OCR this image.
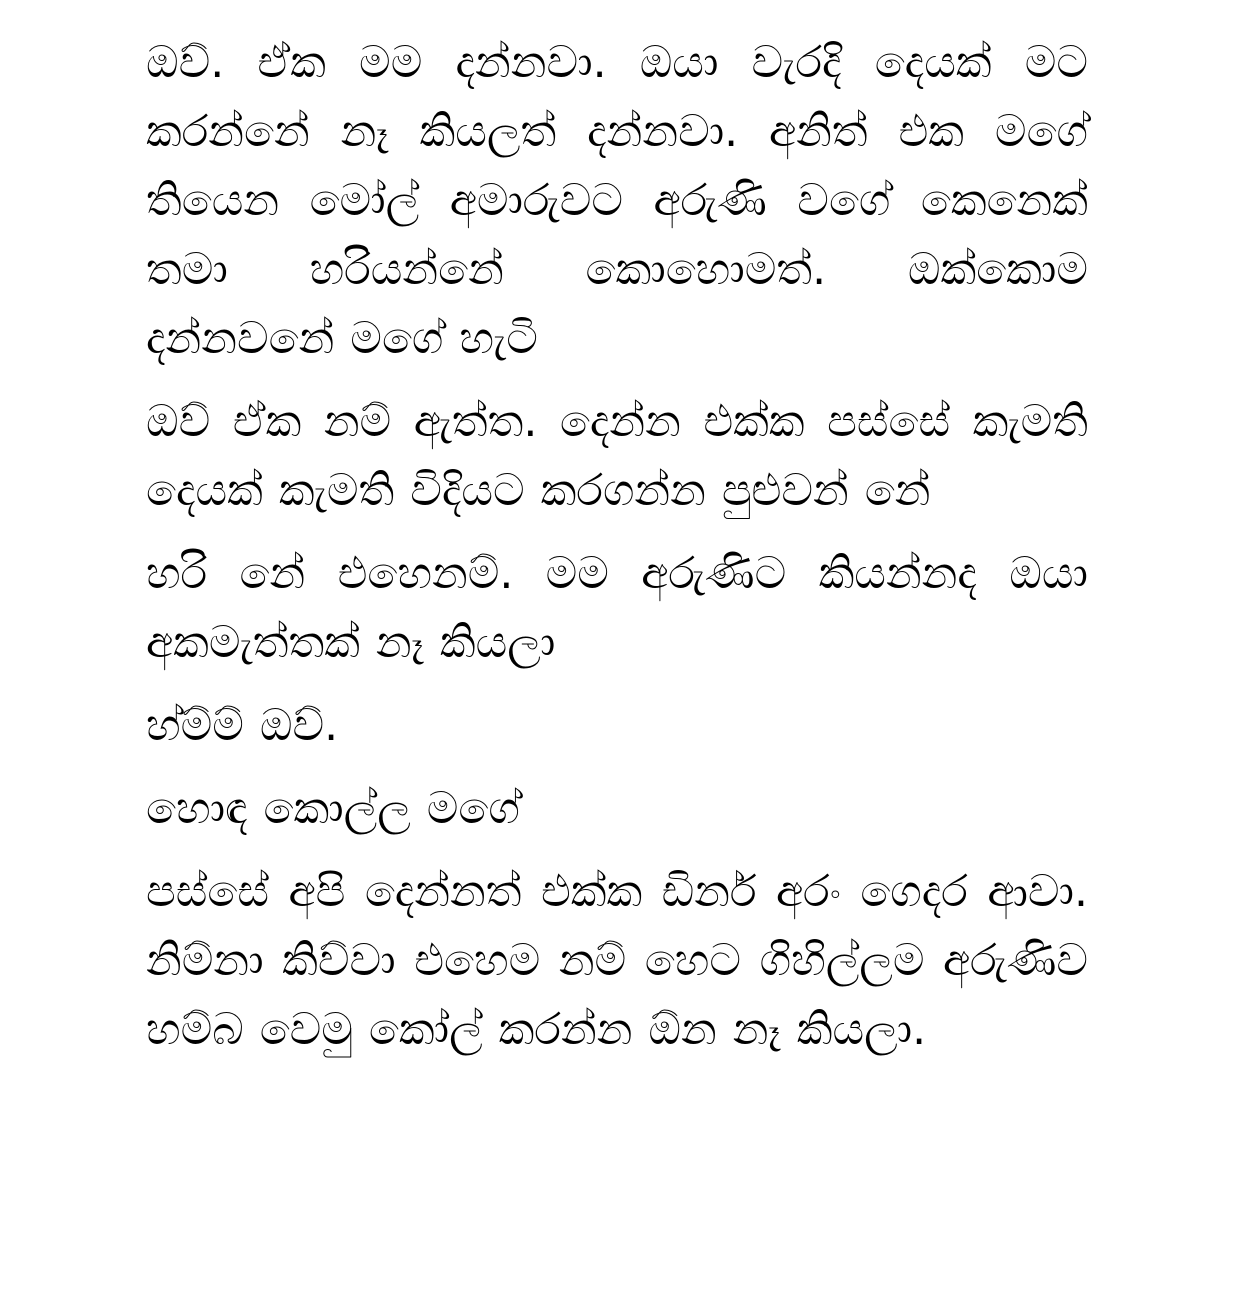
ඔව්. ඒක මම දන්නවා. ඔයා වැරදි දෙයක් මට කරන්නේ නෑ කියලත් දන්නවා. අනිත් එක මගේ තියෙන මෝල් අමාරුවට අරුණි වගේ කෙනෙක් තමා හරියන්නේ කොහොමත්. ඔක්කොම දන්නවනේ මගේ හැටි

ඔව් ඒක නම් ඇත්ත. දෙන්න එක්ක පස්සේ කැමති දෙයක් කැමති විදියට කරගන්න පුළුවන් නේ

හරි නේ එහෙනම්. මම අරුණිට කියන්නද ඔයා අකමැත්තක් නෑ කියලා

හ්ම්ම් ඔව්.

හොඳ කොල්ල මගේ

පස්සේ අපි දෙන්නත් එක්ක ඩිනර් අරං ගෙදර ආවා. නිම්නා කිව්වා එහෙම නම් හෙට ගිහිල්ලම අරුණිව හම්බ වෙමු කෝල් කරන්න ඕන නෑ කියලා.
